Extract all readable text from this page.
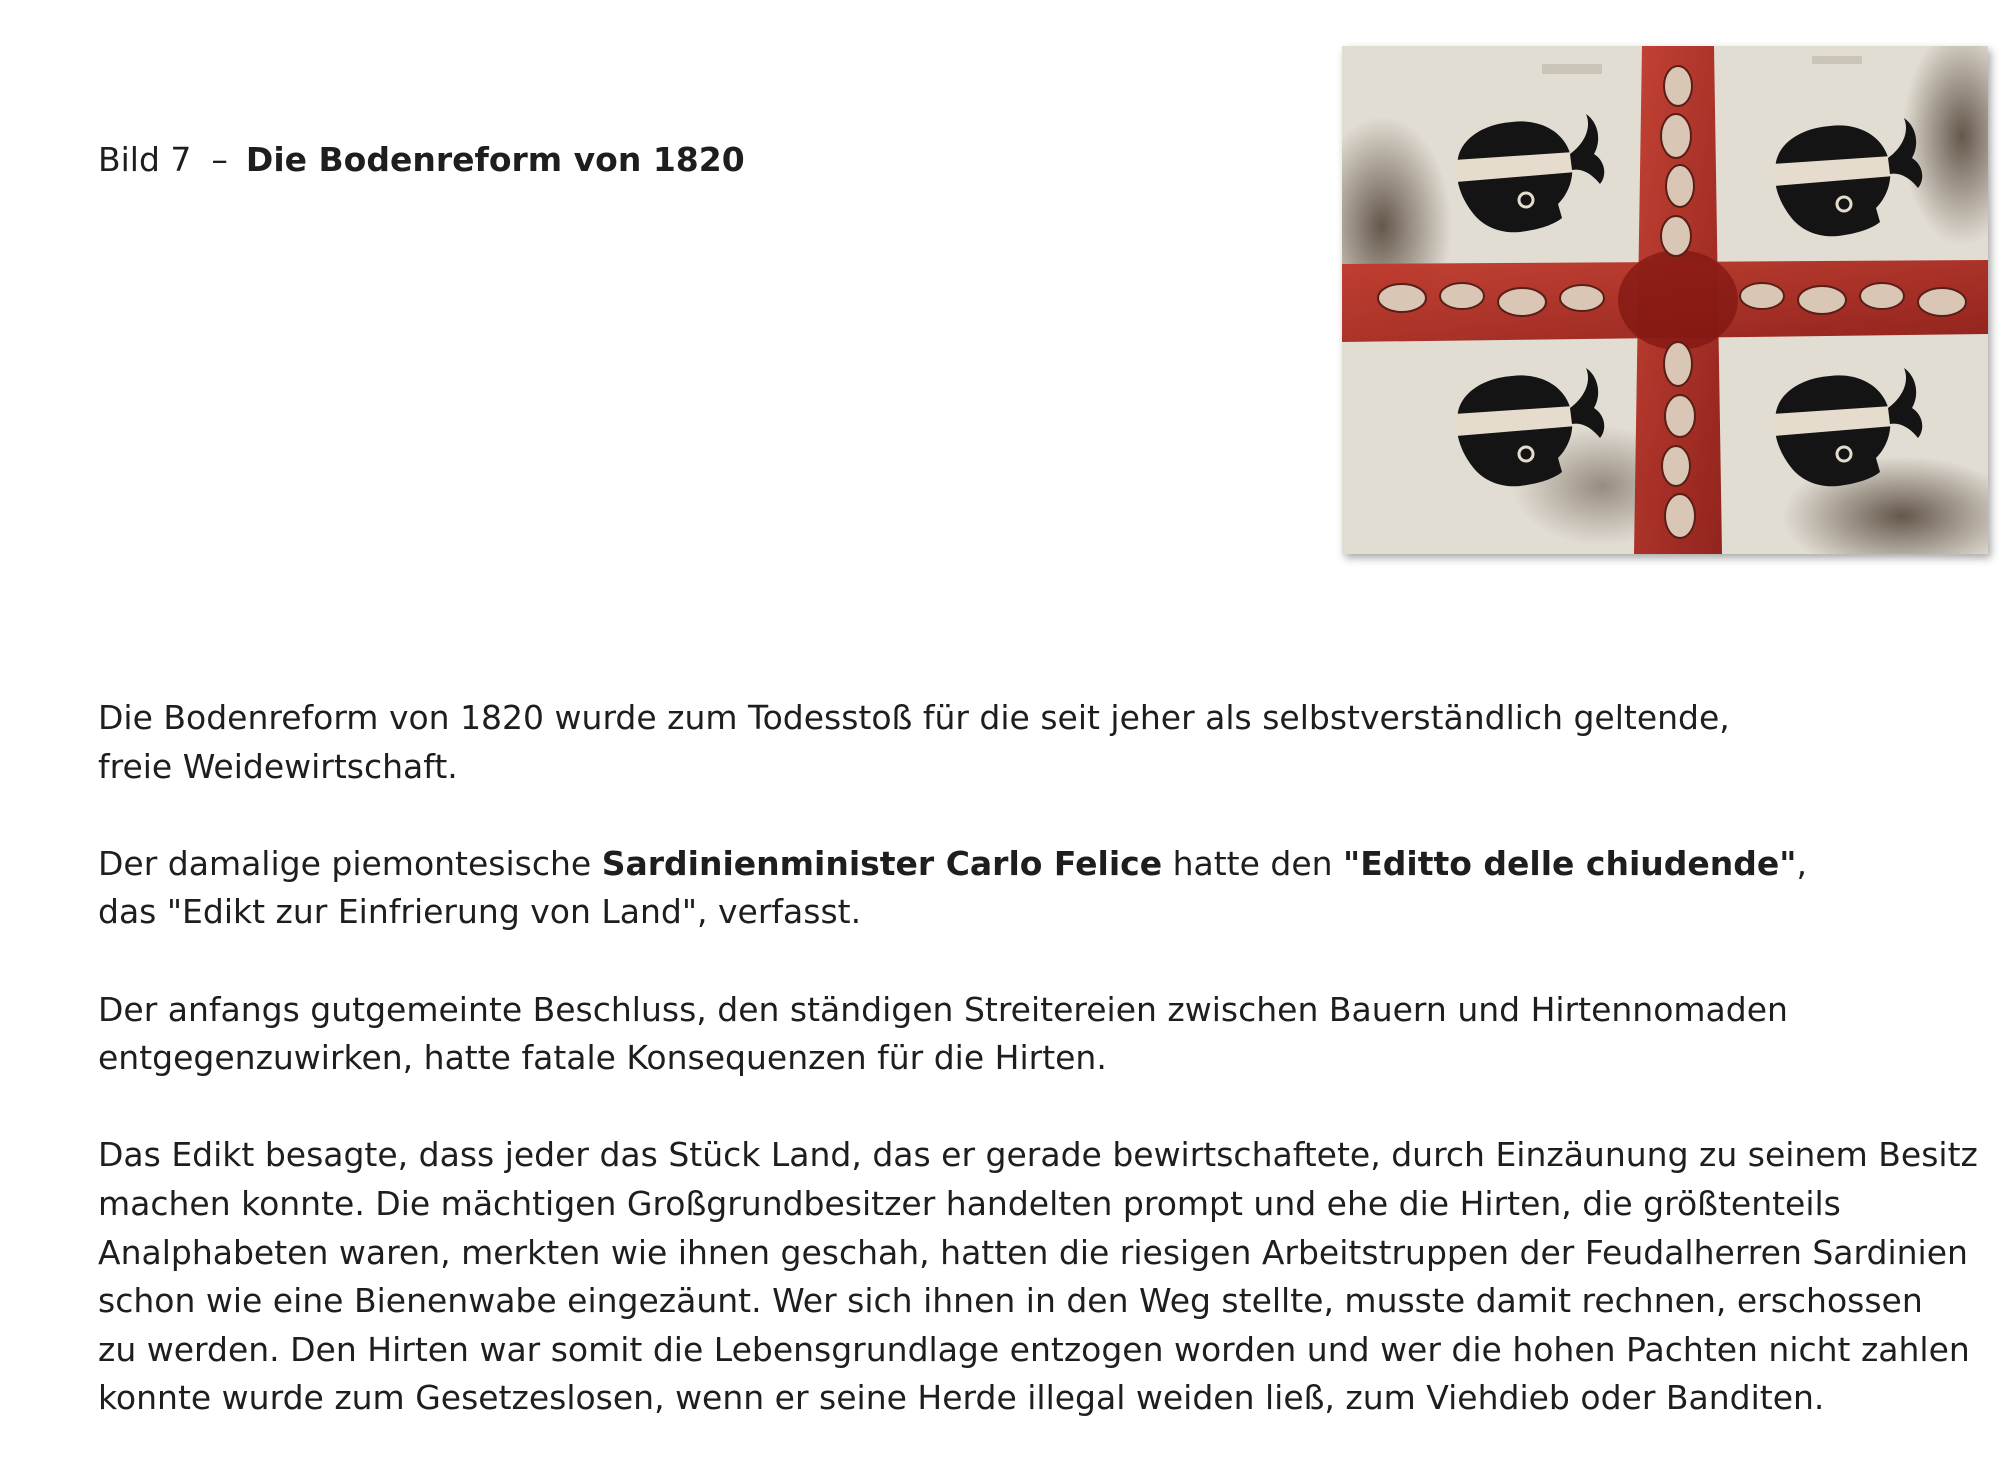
Bild 7 – Die Bodenreform von 1820

Die Bodenreform von 1820 wurde zum Todesstoß für die seit jeher als selbstverständlich geltende,
freie Weidewirtschaft.

Der damalige piemontesische Sardinienminister Carlo Felice hatte den "Editto delle chiudende",
das "Edikt zur Einfrierung von Land", verfasst.

Der anfangs gutgemeinte Beschluss, den ständigen Streitereien zwischen Bauern und Hirtennomaden
entgegenzuwirken, hatte fatale Konsequenzen für die Hirten.

Das Edikt besagte, dass jeder das Stück Land, das er gerade bewirtschaftete, durch Einzäunung zu seinem Besitz
machen konnte. Die mächtigen Großgrundbesitzer handelten prompt und ehe die Hirten, die größtenteils
Analphabeten waren, merkten wie ihnen geschah, hatten die riesigen Arbeitstruppen der Feudalherren Sardinien
schon wie eine Bienenwabe eingezäunt. Wer sich ihnen in den Weg stellte, musste damit rechnen, erschossen
zu werden. Den Hirten war somit die Lebensgrundlage entzogen worden und wer die hohen Pachten nicht zahlen
konnte wurde zum Gesetzeslosen, wenn er seine Herde illegal weiden ließ, zum Viehdieb oder Banditen.
